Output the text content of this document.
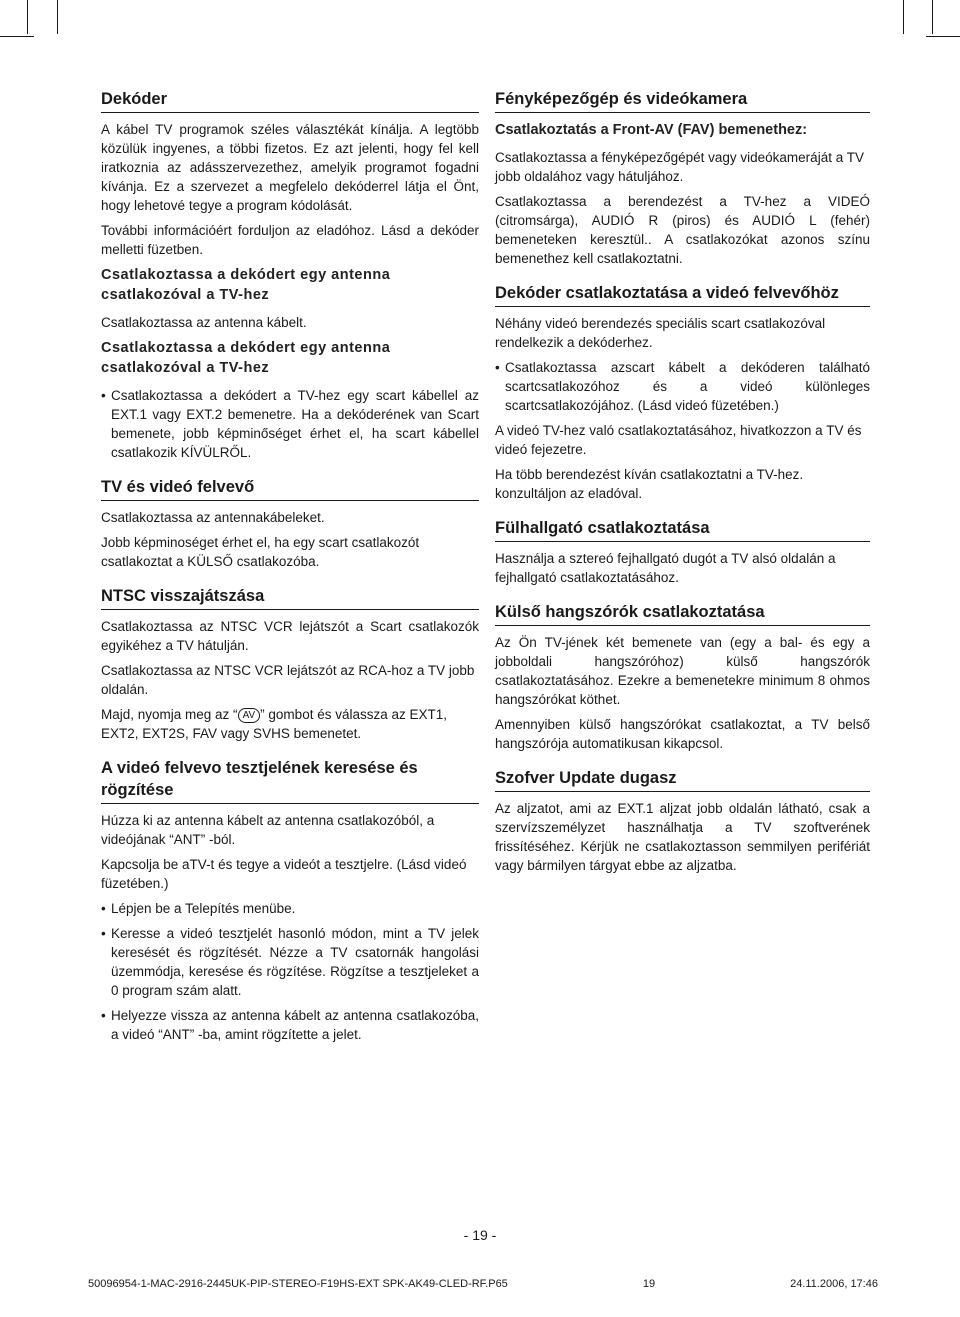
Dekóder

A kábel TV programok széles választékát kínálja. A legtöbb közülük ingyenes, a többi fizetos. Ez azt jelenti, hogy fel kell iratkoznia az adásszervezethez, amelyik programot fogadni kívánja. Ez a szervezet a megfelelo dekóderrel látja el Önt, hogy lehetové tegye a program kódolását.

További információért forduljon az eladóhoz. Lásd a dekóder melletti füzetben.

Csatlakoztassa a dekódert egy antenna csatlakozóval a TV-hez

Csatlakoztassa az antenna kábelt.

Csatlakoztassa a dekódert egy antenna csatlakozóval a TV-hez

• Csatlakoztassa a dekódert a TV-hez egy scart kábellel az EXT.1 vagy EXT.2 bemenetre. Ha a dekóderének van Scart bemenete, jobb képminőséget érhet el, ha scart kábellel csatlakozik KÍVÜLRŐL.

TV és videó felvevő

Csatlakoztassa az antennakábeleket.

Jobb képminoséget érhet el, ha egy scart csatlakozót csatlakoztat a KÜLSŐ csatlakozóba.

NTSC visszajátszása

Csatlakoztassa az NTSC VCR lejátszót a Scart csatlakozók egyikéhez a TV hátulján.

Csatlakoztassa az NTSC VCR lejátszót az RCA-hoz a TV jobb oldalán.

Majd, nyomja meg az “ AV ” gombot és válassza az EXT1, EXT2, EXT2S, FAV vagy SVHS bemenetet.

A videó felvevo tesztjelének keresése és rögzítése

Húzza ki az antenna kábelt az antenna csatlakozóból, a videójának “ANT” -ból.

Kapcsolja be aTV-t és tegye a videót a tesztjelre. (Lásd videó füzetében.)

• Lépjen be a Telepítés menübe.

• Keresse a videó tesztjelét hasonló módon, mint a TV jelek keresését és rögzítését. Nézze a TV csatornák hangolási üzemmódja, keresése és rögzítése. Rögzítse a tesztjeleket a 0 program szám alatt.

• Helyezze vissza az antenna kábelt az antenna csatlakozóba, a videó “ANT” -ba, amint rögzítette a jelet.

Fényképezőgép és videókamera
Csatlakoztatás a Front-AV (FAV) bemenethez:

Csatlakoztassa a fényképezőgépét vagy videókameráját a TV jobb oldalához vagy hátuljához.

Csatlakoztassa a berendezést a TV-hez a VIDEÓ (citromsárga), AUDIÓ R (piros) és AUDIÓ L (fehér) bemeneteken keresztül.. A csatlakozókat azonos színu bemenethez kell csatlakoztatni.

Dekóder csatlakoztatása a videó felvevőhöz

Néhány videó berendezés speciális scart csatlakozóval rendelkezik a dekóderhez.

• Csatlakoztassa azscart kábelt a dekóderen található scartcsatlakozóhoz és a videó különleges scartcsatlakozójához. (Lásd videó füzetében.)

A videó TV-hez való csatlakoztatásához, hivatkozzon a TV és videó fejezetre.

Ha több berendezést kíván csatlakoztatni a TV-hez. konzultáljon az eladóval.

Fülhallgató csatlakoztatása

Használja a sztereó fejhallgató dugót a TV alsó oldalán a fejhallgató csatlakoztatásához.

Külső hangszórók csatlakoztatása

Az Ön TV-jének két bemenete van (egy a bal- és egy a jobboldali hangszóróhoz) külső hangszórók csatlakoztatásához. Ezekre a bemenetekre minimum 8 ohmos hangszórókat köthet.

Amennyiben külső hangszórókat csatlakoztat, a TV belső hangszórója automatikusan kikapcsol.

Szofver Update dugasz

Az aljzatot, ami az EXT.1 aljzat jobb oldalán látható, csak a szervízszemélyzet használhatja a TV szoftverének frissítéséhez. Kérjük ne csatlakoztasson semmilyen perifériát vagy bármilyen tárgyat ebbe az aljzatba.

- 19 -
50096954-1-MAC-2916-2445UK-PIP-STEREO-F19HS-EXT SPK-AK49-CLED-RF.P65	19	24.11.2006, 17:46
